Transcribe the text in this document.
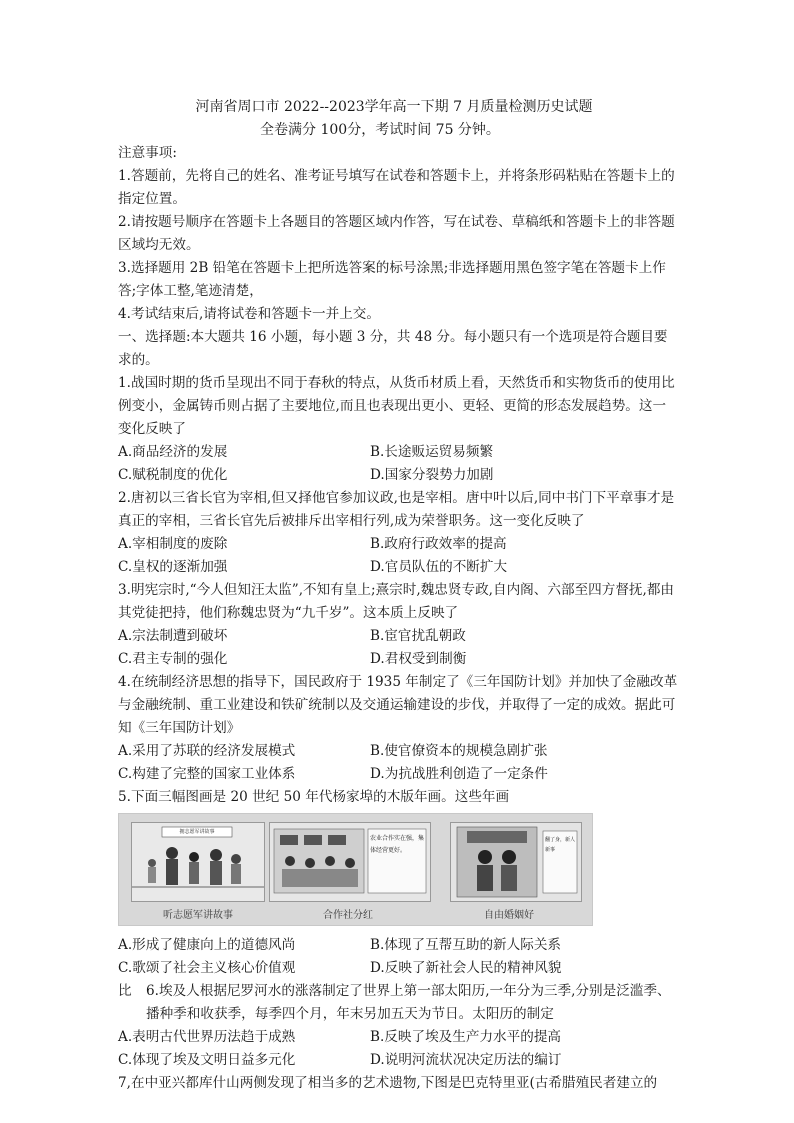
河南省周口市 2022--2023学年高一下期 7 月质量检测历史试题
全卷满分 100分，考试时间 75 分钟。
注意事项:
1.答题前，先将自己的姓名、准考证号填写在试卷和答题卡上，并将条形码粘贴在答题卡上的指定位置。
2.请按题号顺序在答题卡上各题目的答题区域内作答，写在试卷、草稿纸和答题卡上的非答题区域均无效。
3.选择题用 2B 铅笔在答题卡上把所选答案的标号涂黑;非选择题用黑色签字笔在答题卡上作答;字体工整,笔迹清楚，
4.考试结束后,请将试卷和答题卡一并上交。
一、选择题:本大题共 16 小题，每小题 3 分，共 48 分。每小题只有一个选项是符合题目要求的。
1.战国时期的货币呈现出不同于春秋的特点，从货币材质上看，天然货币和实物货币的使用比例变小，金属铸币则占据了主要地位,而且也表现出更小、更轻、更简的形态发展趋势。这一变化反映了
A.商品经济的发展	B.长途贩运贸易频繁
C.赋税制度的优化	D.国家分裂势力加剧
2.唐初以三省长官为宰相,但又择他官参加议政,也是宰相。唐中叶以后,同中书门下平章事才是真正的宰相，三省长官先后被排斥出宰相行列,成为荣誉职务。这一变化反映了
A.宰相制度的废除	B.政府行政效率的提高
C.皇权的逐渐加强	D.官员队伍的不断扩大
3.明宪宗时,“今人但知汪太监”,不知有皇上;熹宗时,魏忠贤专政,自内阁、六部至四方督抚,都由其党徒把持，他们称魏忠贤为“九千岁”。这本质上反映了
A.宗法制遭到破坏	B.宦官扰乱朝政
C.君主专制的强化	D.君权受到制衡
4.在统制经济思想的指导下，国民政府于 1935 年制定了《三年国防计划》并加快了金融改革与金融统制、重工业建设和铁矿统制以及交通运输建设的步伐，并取得了一定的成效。据此可知《三年国防计划》
A.采用了苏联的经济发展模式	B.使官僚资本的规模急剧扩张
C.构建了完整的国家工业体系	D.为抗战胜利创造了一定条件
5.下面三幅图画是 20 世纪 50 年代杨家埠的木版年画。这些年画
拥志愿军讲故事
农业合作实在强，集体经营更好。
翻了身，新人新事
听志愿军讲故事	合作社分红	自由婚姻好
A.形成了健康向上的道德风尚	B.体现了互帮互助的新人际关系
C.歌颂了社会主义核心价值观	D.反映了新社会人民的精神风貌
比	6.埃及人根据尼罗河水的涨落制定了世界上第一部太阳历,一年分为三季,分别是泛滥季、播种季和收获季，每季四个月，年末另加五天为节日。太阳历的制定
A.表明古代世界历法趋于成熟	B.反映了埃及生产力水平的提高
C.体现了埃及文明日益多元化	D.说明河流状况决定历法的编订
7,在中亚兴都库什山两侧发现了相当多的艺术遗物,下图是巴克特里亚(古希腊殖民者建立的
